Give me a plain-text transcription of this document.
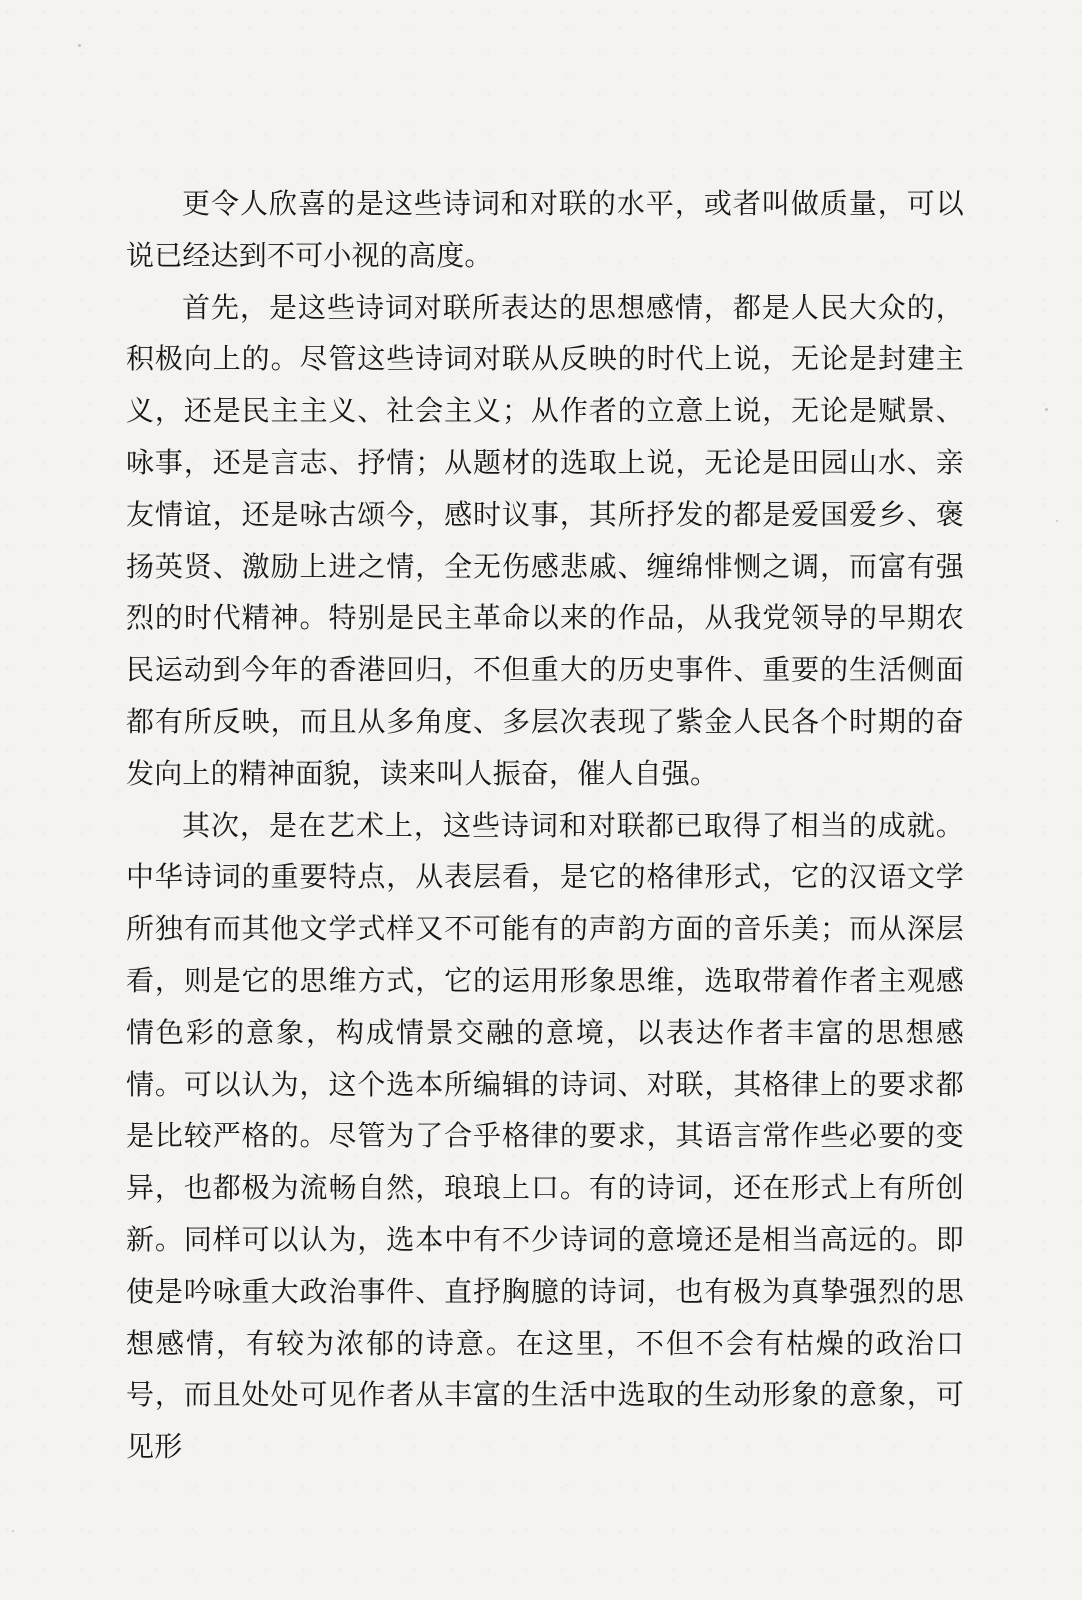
更令人欣喜的是这些诗词和对联的水平，或者叫做质量，可以说已经达到不可小视的高度。

首先，是这些诗词对联所表达的思想感情，都是人民大众的，积极向上的。尽管这些诗词对联从反映的时代上说，无论是封建主义，还是民主主义、社会主义；从作者的立意上说，无论是赋景、咏事，还是言志、抒情；从题材的选取上说，无论是田园山水、亲友情谊，还是咏古颂今，感时议事，其所抒发的都是爱国爱乡、褒扬英贤、激励上进之情，全无伤感悲戚、缠绵悱恻之调，而富有强烈的时代精神。特别是民主革命以来的作品，从我党领导的早期农民运动到今年的香港回归，不但重大的历史事件、重要的生活侧面都有所反映，而且从多角度、多层次表现了紫金人民各个时期的奋发向上的精神面貌，读来叫人振奋，催人自强。

其次，是在艺术上，这些诗词和对联都已取得了相当的成就。中华诗词的重要特点，从表层看，是它的格律形式，它的汉语文学所独有而其他文学式样又不可能有的声韵方面的音乐美；而从深层看，则是它的思维方式，它的运用形象思维，选取带着作者主观感情色彩的意象，构成情景交融的意境，以表达作者丰富的思想感情。可以认为，这个选本所编辑的诗词、对联，其格律上的要求都是比较严格的。尽管为了合乎格律的要求，其语言常作些必要的变异，也都极为流畅自然，琅琅上口。有的诗词，还在形式上有所创新。同样可以认为，选本中有不少诗词的意境还是相当高远的。即使是吟咏重大政治事件、直抒胸臆的诗词，也有极为真挚强烈的思想感情，有较为浓郁的诗意。在这里，不但不会有枯燥的政治口号，而且处处可见作者从丰富的生活中选取的生动形象的意象，可见形
